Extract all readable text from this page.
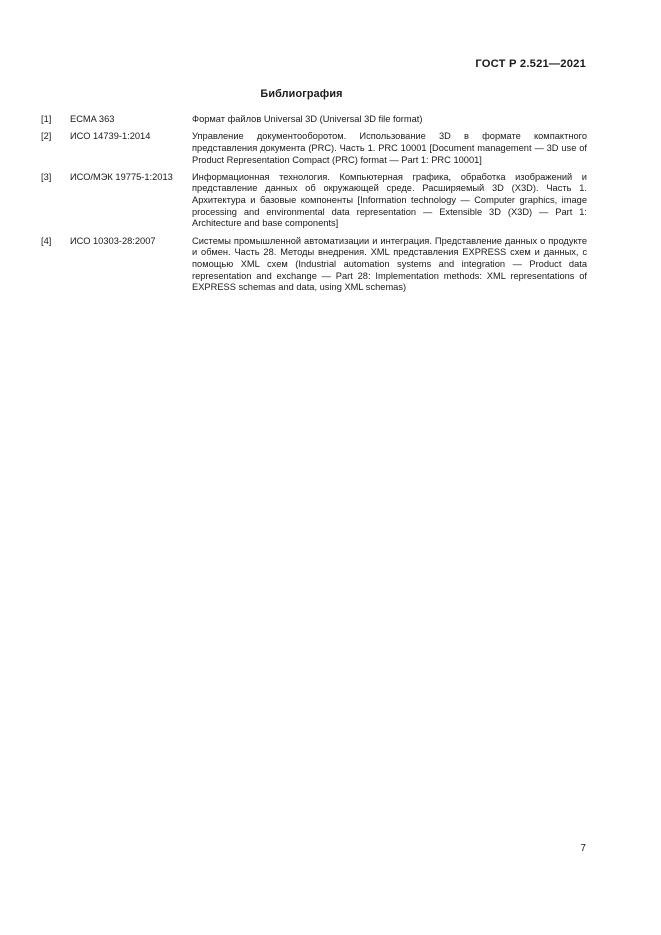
ГОСТ Р 2.521—2021
Библиография
[1]	ECMA 363	Формат файлов Universal 3D (Universal 3D file format)
[2]	ИСО 14739-1:2014	Управление документооборотом. Использование 3D в формате компактного представления документа (PRC). Часть 1. PRC 10001 [Document management — 3D use of Product Representation Compact (PRC) format — Part 1: PRC 10001]
[3]	ИСО/МЭК 19775-1:2013	Информационная технология. Компьютерная графика, обработка изображений и представление данных об окружающей среде. Расширяемый 3D (X3D). Часть 1. Архитектура и базовые компоненты [Information technology — Computer graphics, image processing and environmental data representation — Extensible 3D (X3D) — Part 1: Architecture and base components]
[4]	ИСО 10303-28:2007	Системы промышленной автоматизации и интеграция. Представление данных о продукте и обмен. Часть 28. Методы внедрения. XML представления EXPRESS схем и данных, с помощью XML схем (Industrial automation systems and integration — Product data representation and exchange — Part 28: Implementation methods: XML representations of EXPRESS schemas and data, using XML schemas)
7
